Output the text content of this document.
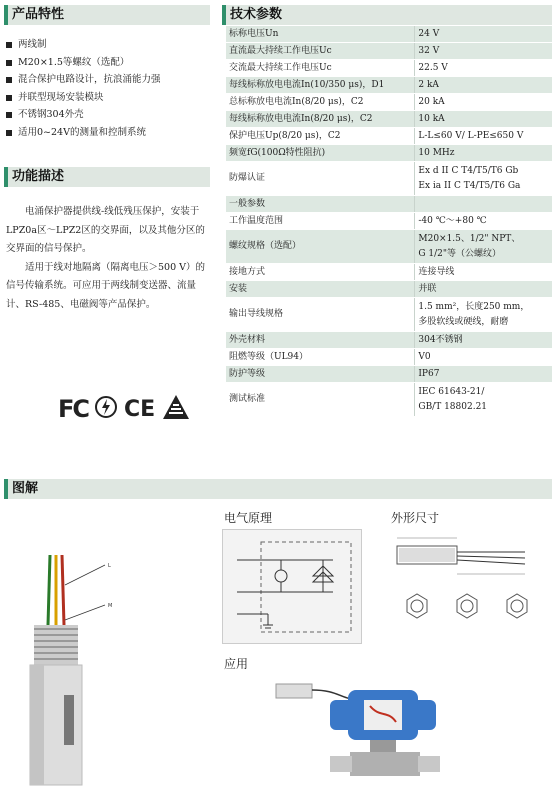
产品特性	技术参数
功能描述
图解
两线制
M20×1.5等螺纹（选配）
混合保护电路设计，抗浪涌能力强
并联型现场安装模块
不锈钢304外壳
适用0~24V的测量和控制系统

电涌保护器提供线-线低残压保护，安装于LPZ0a区～LPZ2区的交界面，以及其他分区的交界面的信号保护。

适用于线对地隔离（隔离电压＞500 V）的信号传输系统。可应用于两线制变送器、流量计、RS-485、电磁阀等产品保护。

标称电压Un	24 V
直流最大持续工作电压Uc	32 V
交流最大持续工作电压Uc	22.5 V
每线标称放电电流In(10/350 μs)，D1	2 kA
总标称放电电流In(8/20 μs)，C2	20 kA
每线标称放电电流In(8/20 μs)，C2	10 kA
保护电压Up(8/20 μs)，C2	L-L≤60 V/ L-PE≤650 V
频宽fG(100Ω特性阻抗)	10 MHz
防爆认证	Ex d II C T4/T5/T6 Gb
Ex ia II C T4/T5/T6 Ga

一般参数	
工作温度范围	-40 ℃～+80 ℃
螺纹规格（选配）	M20×1.5、1/2" NPT、
G 1/2"等（公螺纹）

接地方式	连接导线
安装	并联
输出导线规格	1.5 mm²，长度250 mm，
多股软线或硬线，耐磨

外壳材料	304不锈钢
阻燃等级（UL94）	V0
防护等级	IP67
测试标准	IEC 61643-21/
GB/T 18802.21
FC CE
电气原理	外形尺寸
应用
L
M
